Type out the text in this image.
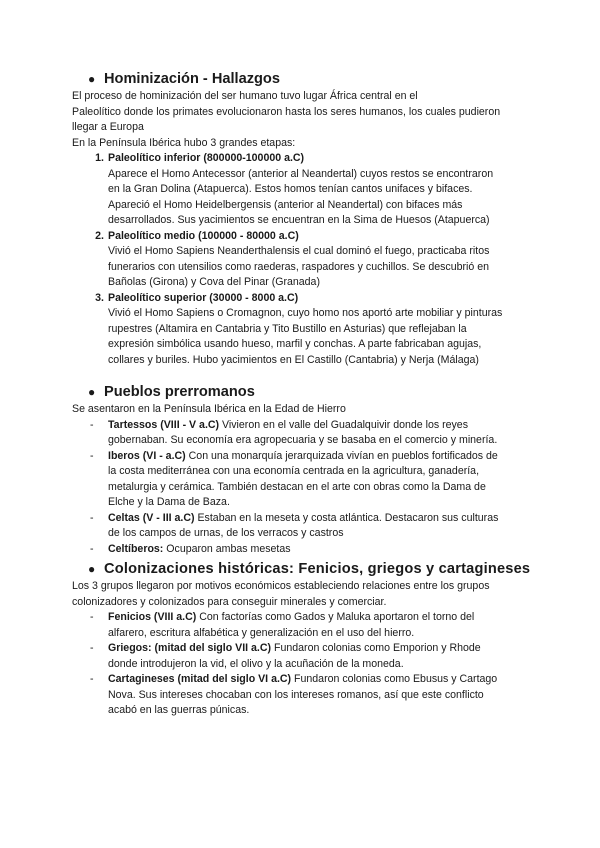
● Hominización - Hallazgos
El proceso de hominización del ser humano tuvo lugar África central en el
Paleolítico donde los primates evolucionaron hasta los seres humanos, los cuales pudieron
llegar a Europa
En la Península Ibérica hubo 3 grandes etapas:
1. Paleolítico inferior (800000-100000 a.C)
Aparece el Homo Antecessor (anterior al Neandertal) cuyos restos se encontraron
en la Gran Dolina (Atapuerca). Estos homos tenían cantos unifaces y bifaces.
Apareció el Homo Heidelbergensis (anterior al Neandertal) con bifaces más
desarrollados. Sus yacimientos se encuentran en la Sima de Huesos (Atapuerca)
2. Paleolítico medio (100000 - 80000 a.C)
Vivió el Homo Sapiens Neanderthalensis el cual dominó el fuego, practicaba ritos
funerarios con utensilios como raederas, raspadores y cuchillos. Se descubrió en
Bañolas (Girona) y Cova del Pinar (Granada)
3. Paleolítico superior (30000 - 8000 a.C)
Vivió el Homo Sapiens o Cromagnon, cuyo homo nos aportó arte mobiliar y pinturas
rupestres (Altamira en Cantabria y Tito Bustillo en Asturias) que reflejaban la
expresión simbólica usando hueso, marfil y conchas. A parte fabricaban agujas,
collares y buriles. Hubo yacimientos en El Castillo (Cantabria) y Nerja (Málaga)
● Pueblos prerromanos
Se asentaron en la Península Ibérica en la Edad de Hierro
-	Tartessos (VIII - V a.C) Vivieron en el valle del Guadalquivir donde los reyes
gobernaban. Su economía era agropecuaria y se basaba en el comercio y minería.
-	Iberos (VI - a.C) Con una monarquía jerarquizada vivían en pueblos fortificados de
la costa mediterránea con una economía centrada en la agricultura, ganadería,
metalurgia y cerámica. También destacan en el arte con obras como la Dama de
Elche y la Dama de Baza.
-	Celtas (V - III a.C) Estaban en la meseta y costa atlántica. Destacaron sus culturas
de los campos de urnas, de los verracos y castros
-	Celtíberos: Ocuparon ambas mesetas
● Colonizaciones históricas: Fenicios, griegos y cartagineses
Los 3 grupos llegaron por motivos económicos estableciendo relaciones entre los grupos
colonizadores y colonizados para conseguir minerales y comerciar.
-	Fenicios (VIII a.C) Con factorías como Gados y Maluka aportaron el torno del
alfarero, escritura alfabética y generalización en el uso del hierro.
-	Griegos: (mitad del siglo VII a.C) Fundaron colonias como Emporion y Rhode
donde introdujeron la vid, el olivo y la acuñación de la moneda.
-	Cartagineses (mitad del siglo VI a.C) Fundaron colonias como Ebusus y Cartago
Nova. Sus intereses chocaban con los intereses romanos, así que este conflicto
acabó en las guerras púnicas.
